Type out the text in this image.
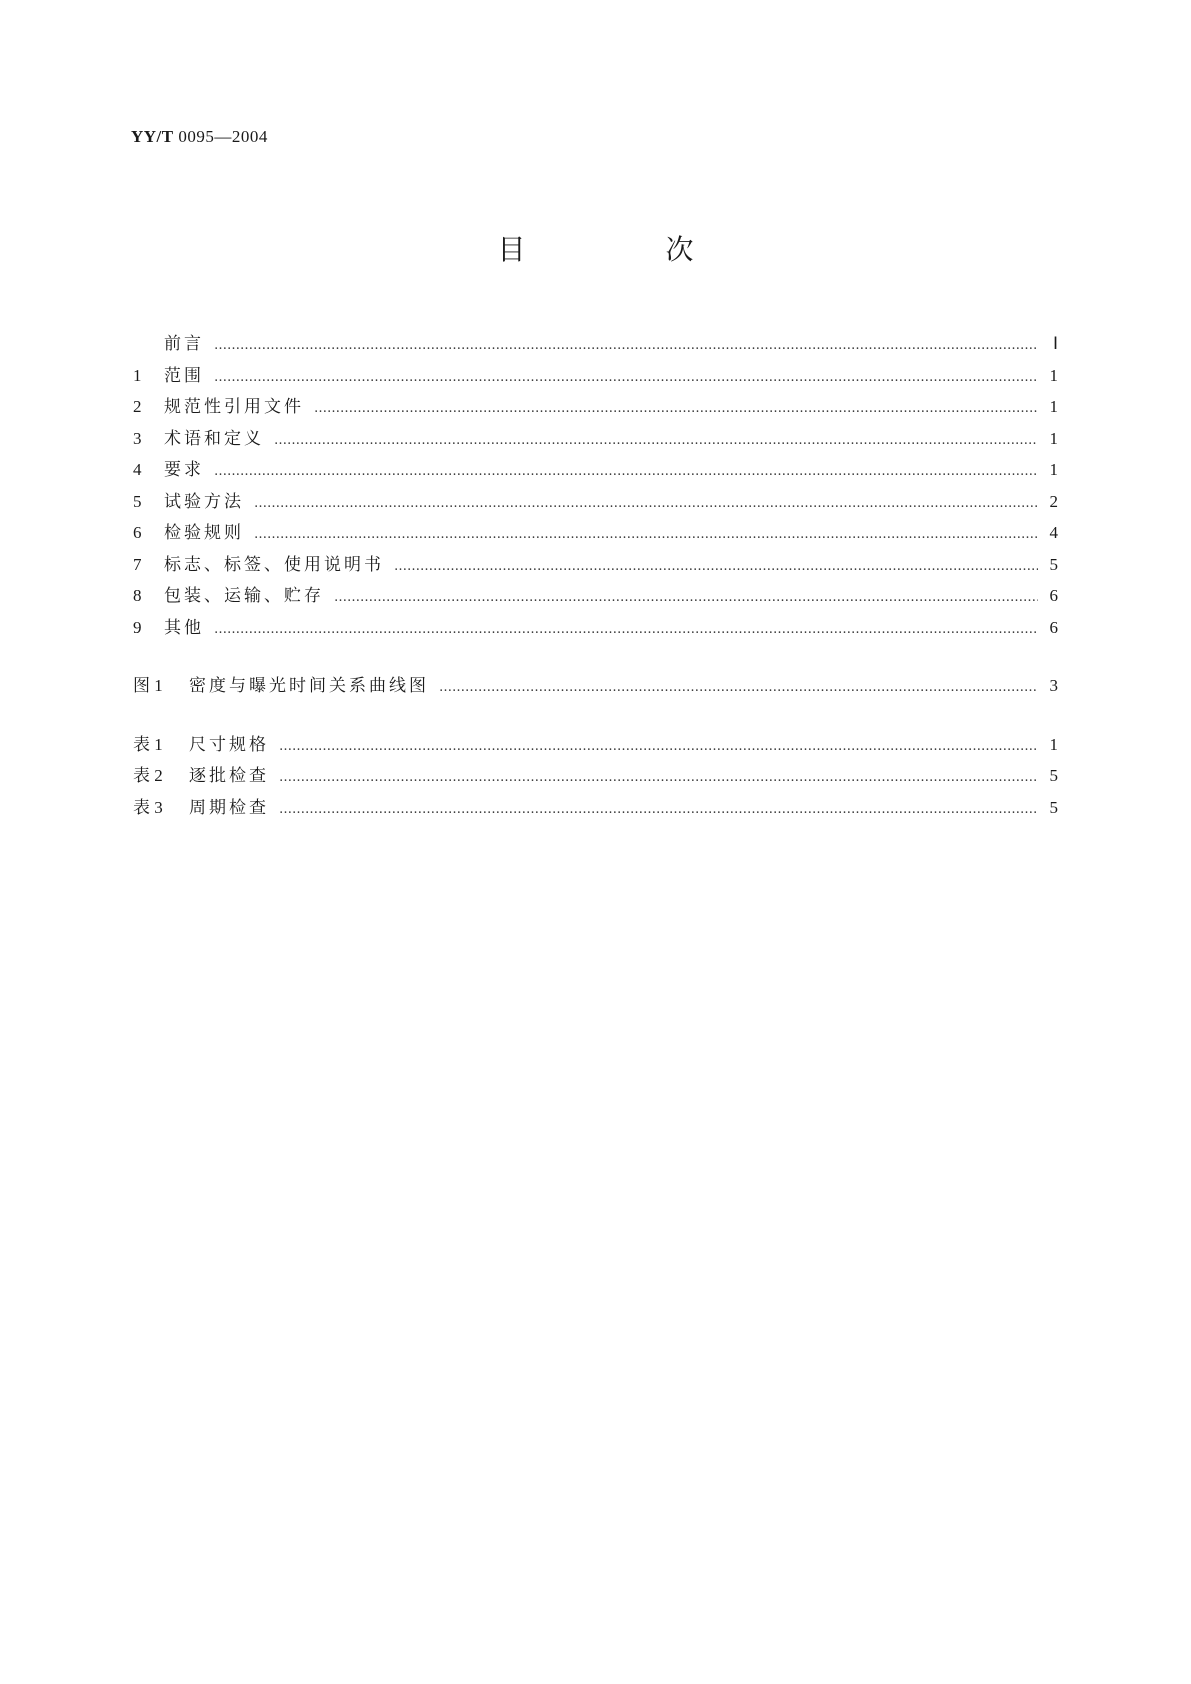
YY/T 0095—2004
目　次
前言 ……………………………………………………………………………………………………………………………………………………………………………………………………………………………	Ⅰ
1	范围 ……………………………………………………………………………………………………………………………………………………………………………………………………………………………	1
2	规范性引用文件 ……………………………………………………………………………………………………………………………………………………………………………………………………………………………	1
3	术语和定义 ……………………………………………………………………………………………………………………………………………………………………………………………………………………………	1
4	要求 ……………………………………………………………………………………………………………………………………………………………………………………………………………………………	1
5	试验方法 ……………………………………………………………………………………………………………………………………………………………………………………………………………………………	2
6	检验规则 ……………………………………………………………………………………………………………………………………………………………………………………………………………………………	4
7	标志、标签、使用说明书 ……………………………………………………………………………………………………………………………………………………………………………………………………………………………	5
8	包装、运输、贮存 ……………………………………………………………………………………………………………………………………………………………………………………………………………………………	6
9	其他 ……………………………………………………………………………………………………………………………………………………………………………………………………………………………	6
图 1	密度与曝光时间关系曲线图 ……………………………………………………………………………………………………………………………………………………………………………………………………………………………	3
表 1	尺寸规格 ……………………………………………………………………………………………………………………………………………………………………………………………………………………………	1
表 2	逐批检查 ……………………………………………………………………………………………………………………………………………………………………………………………………………………………	5
表 3	周期检查 ……………………………………………………………………………………………………………………………………………………………………………………………………………………………	5
